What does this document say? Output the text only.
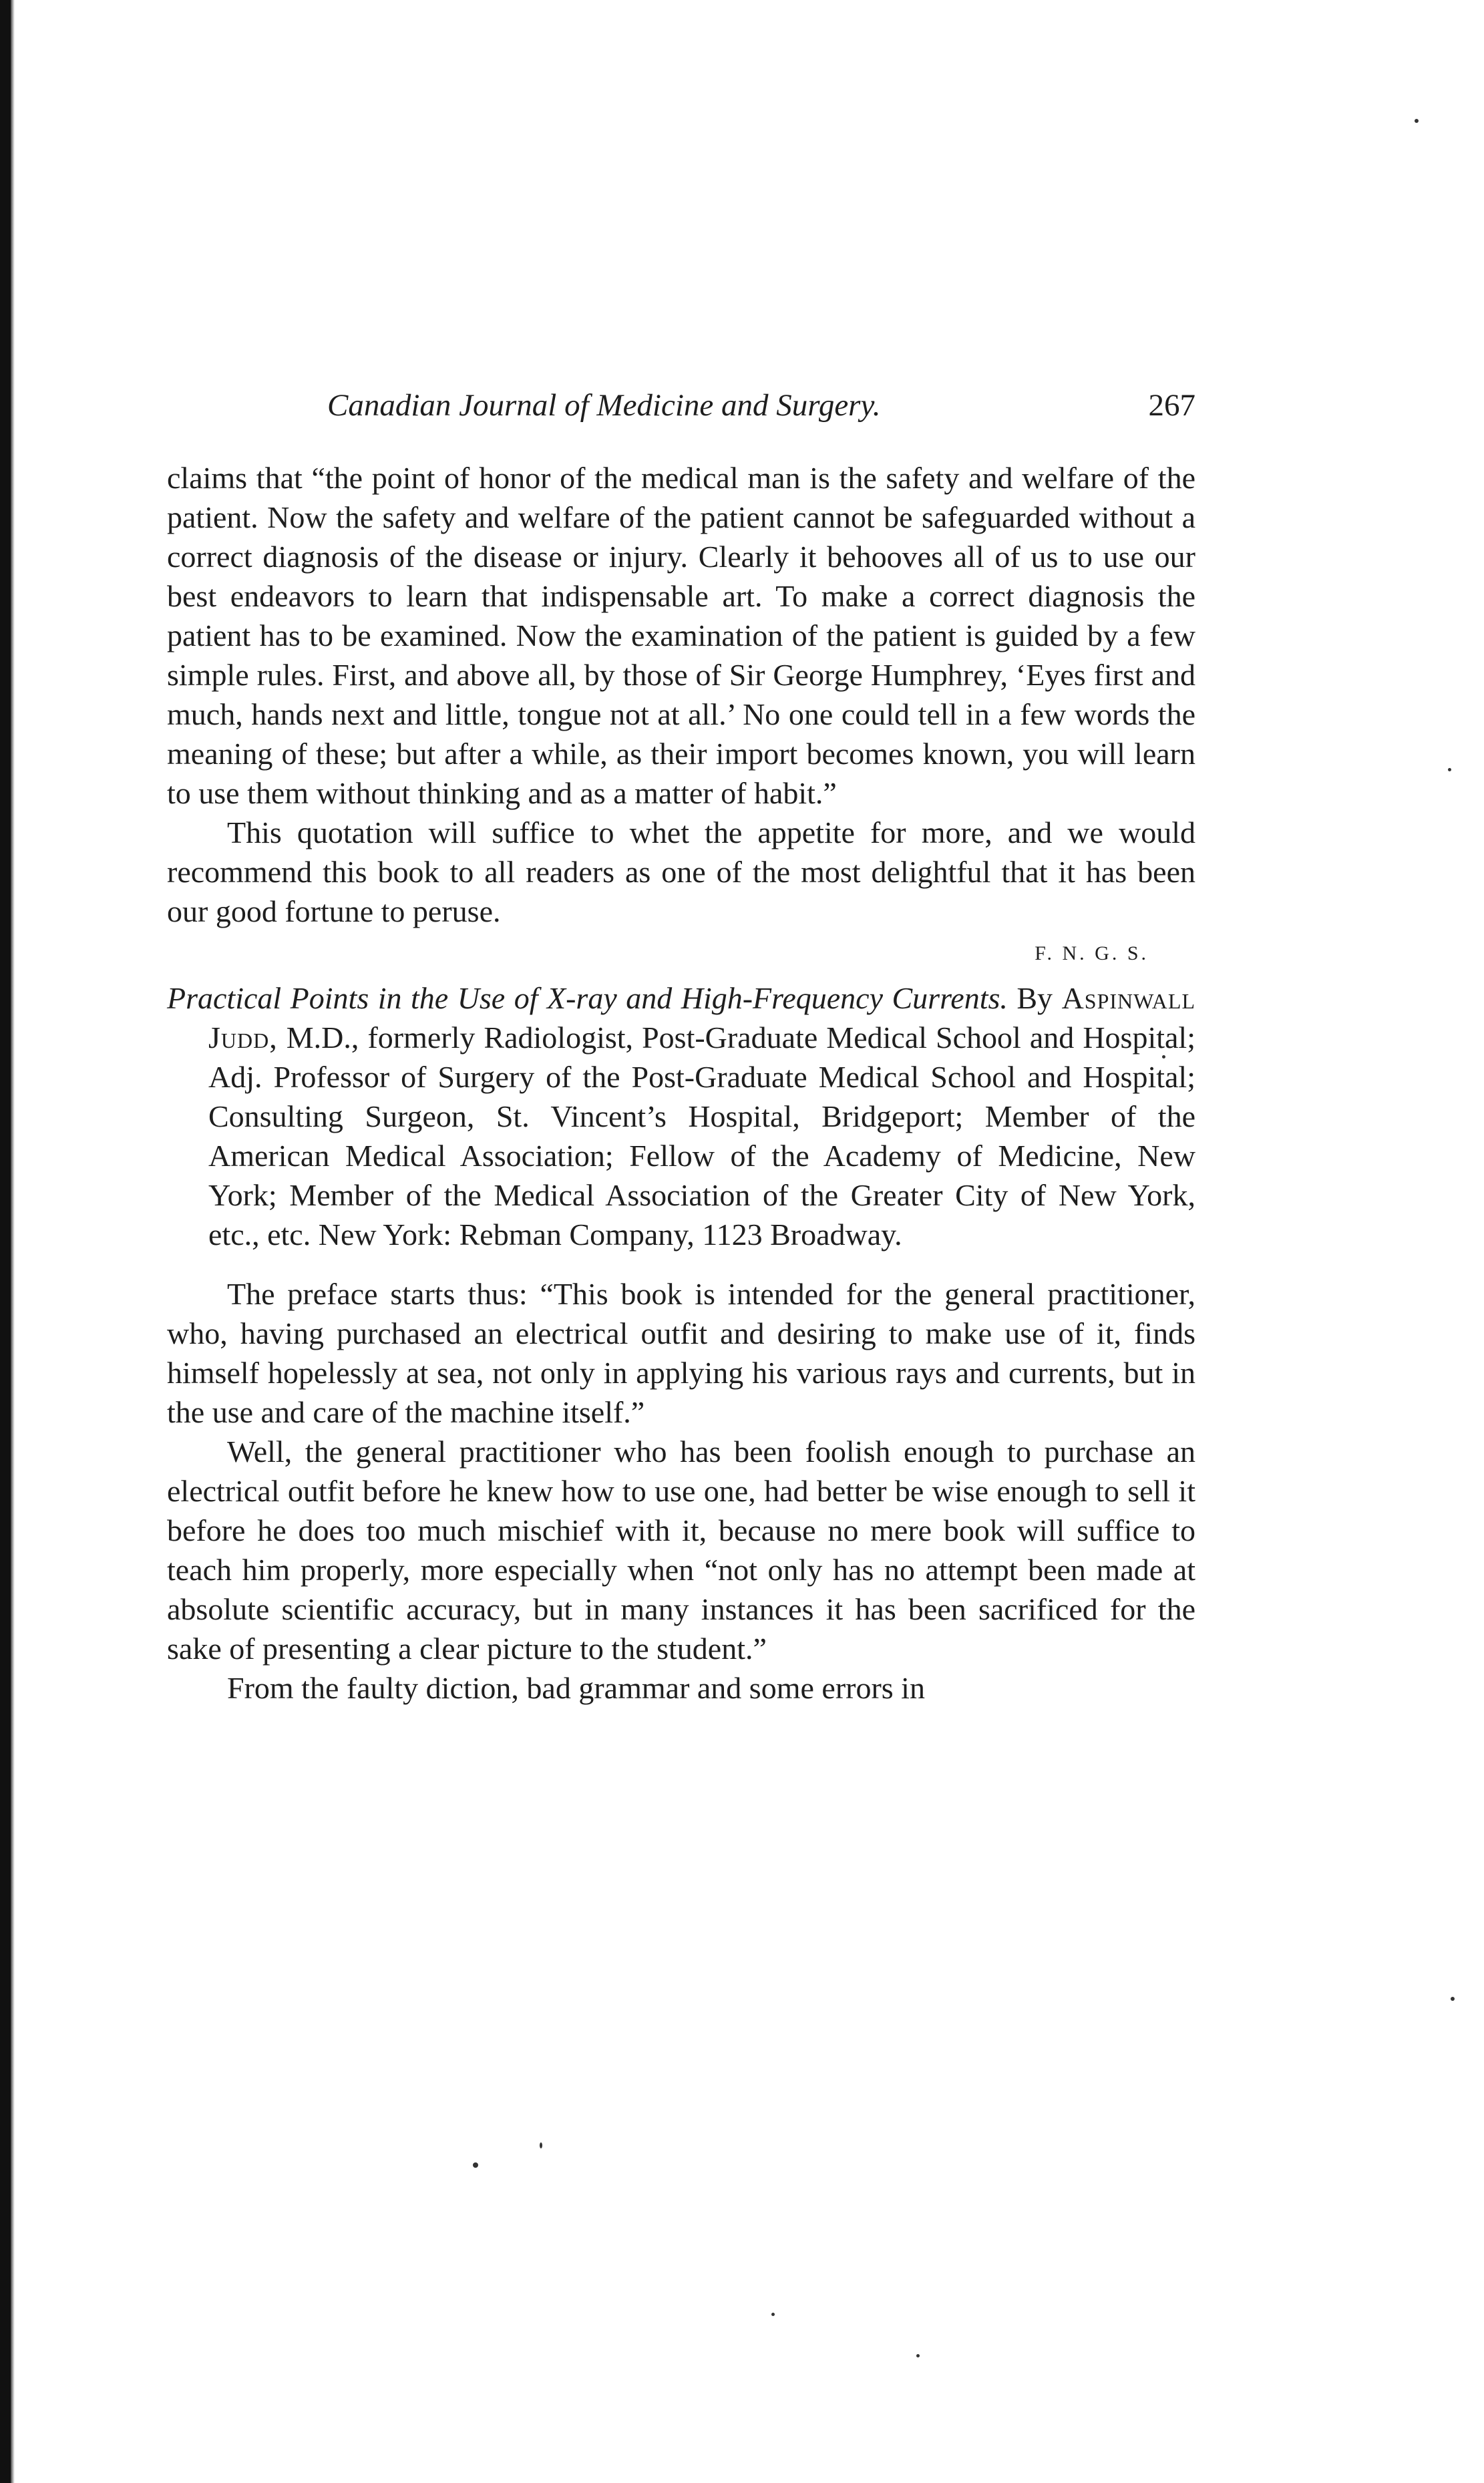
Canadian Journal of Medicine and Surgery.	267

claims that “the point of honor of the medical man is the safety and welfare of the patient. Now the safety and welfare of the patient cannot be safeguarded without a correct diagnosis of the disease or injury. Clearly it behooves all of us to use our best endeavors to learn that indispensable art. To make a correct diagnosis the patient has to be examined. Now the examination of the patient is guided by a few simple rules. First, and above all, by those of Sir George Humphrey, ‘Eyes first and much, hands next and little, tongue not at all.’ No one could tell in a few words the meaning of these; but after a while, as their import becomes known, you will learn to use them without thinking and as a matter of habit.”

This quotation will suffice to whet the appetite for more, and we would recommend this book to all readers as one of the most delightful that it has been our good fortune to peruse.

F. N. G. S.
Practical Points in the Use of X-ray and High-Frequency Currents. By Aspinwall Judd, M.D., formerly Radiologist, Post-Graduate Medical School and Hospital; Adj. Professor of Surgery of the Post-Graduate Medical School and Hospital; Consulting Surgeon, St. Vincent’s Hospital, Bridgeport; Member of the American Medical Association; Fellow of the Academy of Medicine, New York; Member of the Medical Association of the Greater City of New York, etc., etc. New York: Rebman Company, 1123 Broadway.

The preface starts thus: “This book is intended for the general practitioner, who, having purchased an electrical outfit and desiring to make use of it, finds himself hopelessly at sea, not only in applying his various rays and currents, but in the use and care of the machine itself.”

Well, the general practitioner who has been foolish enough to purchase an electrical outfit before he knew how to use one, had better be wise enough to sell it before he does too much mischief with it, because no mere book will suffice to teach him properly, more especially when “not only has no attempt been made at absolute scientific accuracy, but in many instances it has been sacrificed for the sake of presenting a clear picture to the student.”

From the faulty diction, bad grammar and some errors in
